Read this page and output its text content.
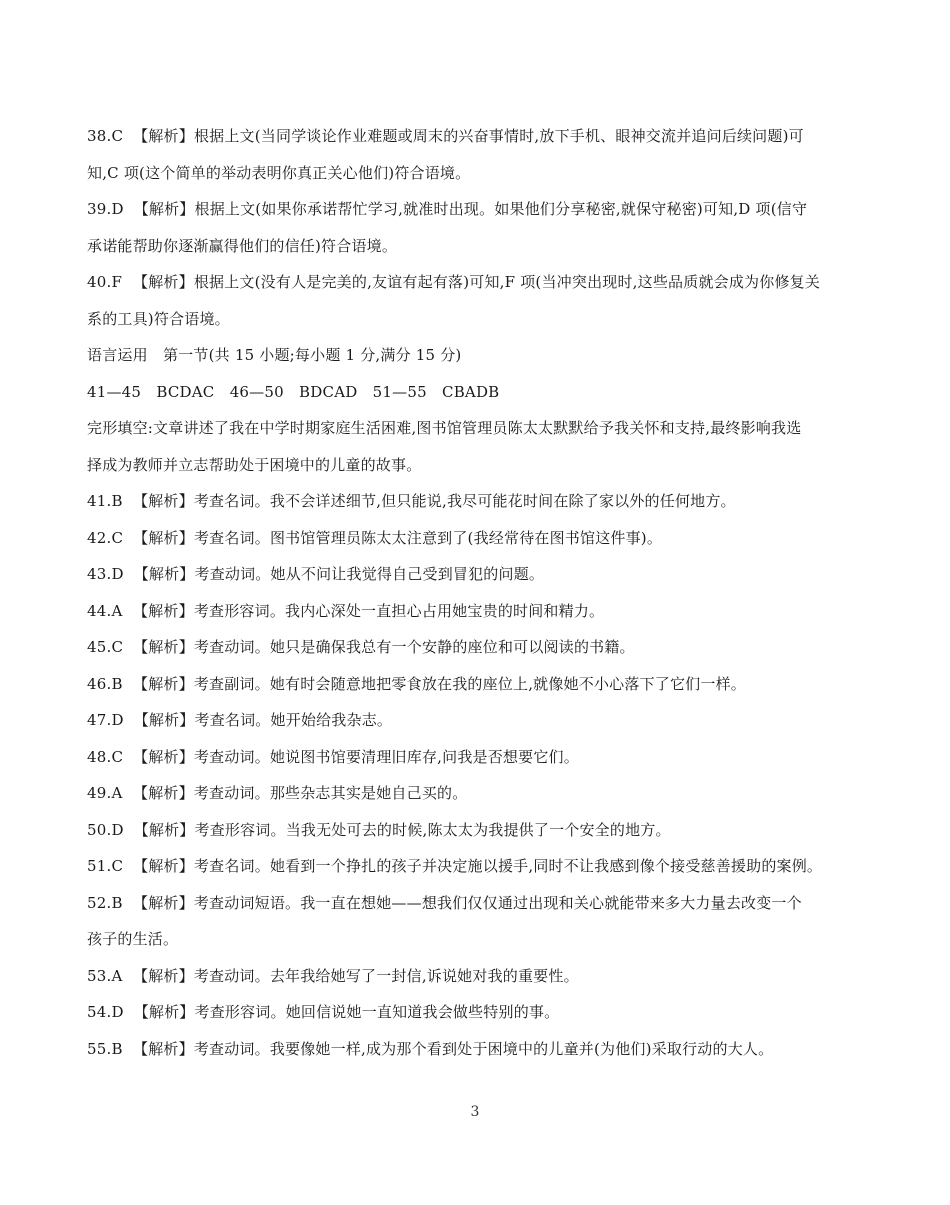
38.C 【解析】根据上文(当同学谈论作业难题或周末的兴奋事情时,放下手机、眼神交流并追问后续问题)可
知,C 项(这个简单的举动表明你真正关心他们)符合语境。
39.D 【解析】根据上文(如果你承诺帮忙学习,就准时出现。如果他们分享秘密,就保守秘密)可知,D 项(信守
承诺能帮助你逐渐赢得他们的信任)符合语境。
40.F 【解析】根据上文(没有人是完美的,友谊有起有落)可知,F 项(当冲突出现时,这些品质就会成为你修复关
系的工具)符合语境。
语言运用　第一节(共 15 小题;每小题 1 分,满分 15 分)
41—45　BCDAC　46—50　BDCAD　51—55　CBADB
完形填空:文章讲述了我在中学时期家庭生活困难,图书馆管理员陈太太默默给予我关怀和支持,最终影响我选
择成为教师并立志帮助处于困境中的儿童的故事。
41.B 【解析】考查名词。我不会详述细节,但只能说,我尽可能花时间在除了家以外的任何地方。
42.C 【解析】考查名词。图书馆管理员陈太太注意到了(我经常待在图书馆这件事)。
43.D 【解析】考查动词。她从不问让我觉得自己受到冒犯的问题。
44.A 【解析】考查形容词。我内心深处一直担心占用她宝贵的时间和精力。
45.C 【解析】考查动词。她只是确保我总有一个安静的座位和可以阅读的书籍。
46.B 【解析】考查副词。她有时会随意地把零食放在我的座位上,就像她不小心落下了它们一样。
47.D 【解析】考查名词。她开始给我杂志。
48.C 【解析】考查动词。她说图书馆要清理旧库存,问我是否想要它们。
49.A 【解析】考查动词。那些杂志其实是她自己买的。
50.D 【解析】考查形容词。当我无处可去的时候,陈太太为我提供了一个安全的地方。
51.C 【解析】考查名词。她看到一个挣扎的孩子并决定施以援手,同时不让我感到像个接受慈善援助的案例。
52.B 【解析】考查动词短语。我一直在想她——想我们仅仅通过出现和关心就能带来多大力量去改变一个
孩子的生活。
53.A 【解析】考查动词。去年我给她写了一封信,诉说她对我的重要性。
54.D 【解析】考查形容词。她回信说她一直知道我会做些特别的事。
55.B 【解析】考查动词。我要像她一样,成为那个看到处于困境中的儿童并(为他们)采取行动的大人。
3
